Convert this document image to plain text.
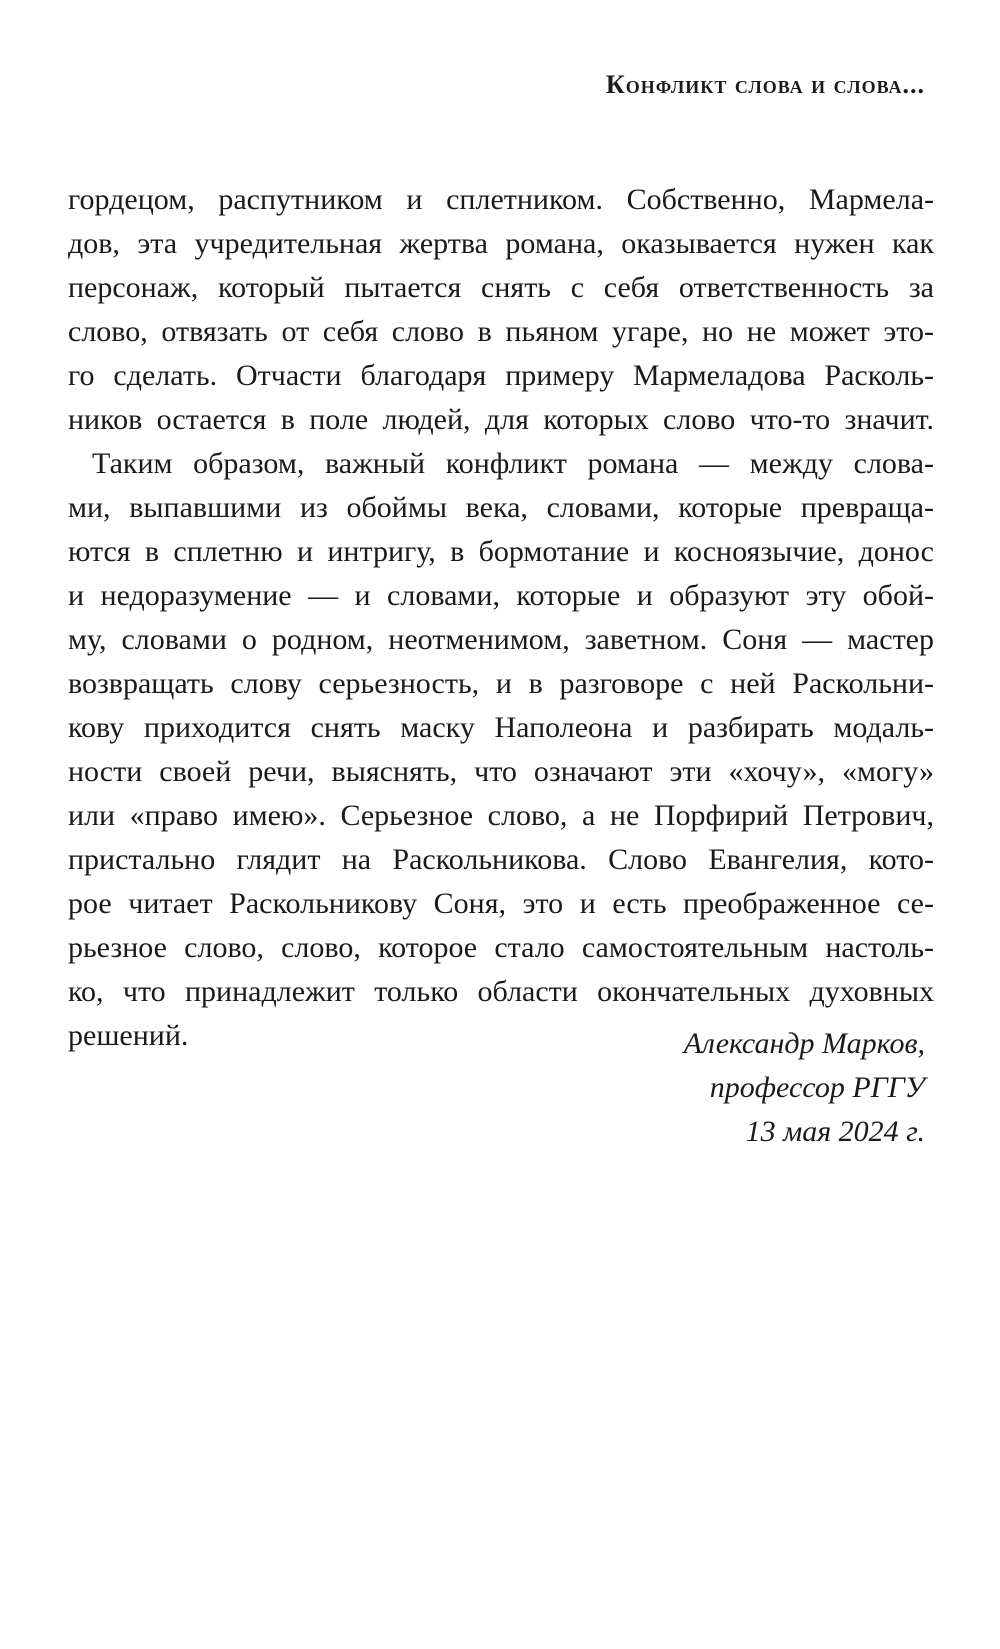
Конфликт слова и слова...
гордецом, распутником и сплетником. Собственно, Мармела-
дов, эта учредительная жертва романа, оказывается нужен как
персонаж, который пытается снять с себя ответственность за
слово, отвязать от себя слово в пьяном угаре, но не может это-
го сделать. Отчасти благодаря примеру Мармеладова Расколь-
ников остается в поле людей, для которых слово что-то значит.
Таким образом, важный конфликт романа — между слова-
ми, выпавшими из обоймы века, словами, которые превраща-
ются в сплетню и интригу, в бормотание и косноязычие, донос
и недоразумение — и словами, которые и образуют эту обой-
му, словами о родном, неотменимом, заветном. Соня — мастер
возвращать слову серьезность, и в разговоре с ней Раскольни-
кову приходится снять маску Наполеона и разбирать модаль-
ности своей речи, выяснять, что означают эти «хочу», «могу»
или «право имею». Серьезное слово, а не Порфирий Петрович,
пристально глядит на Раскольникова. Слово Евангелия, кото-
рое читает Раскольникову Соня, это и есть преображенное се-
рьезное слово, слово, которое стало самостоятельным настоль-
ко, что принадлежит только области окончательных духовных
решений.	Александр Марков,
профессор РГГУ
13 мая 2024 г.
